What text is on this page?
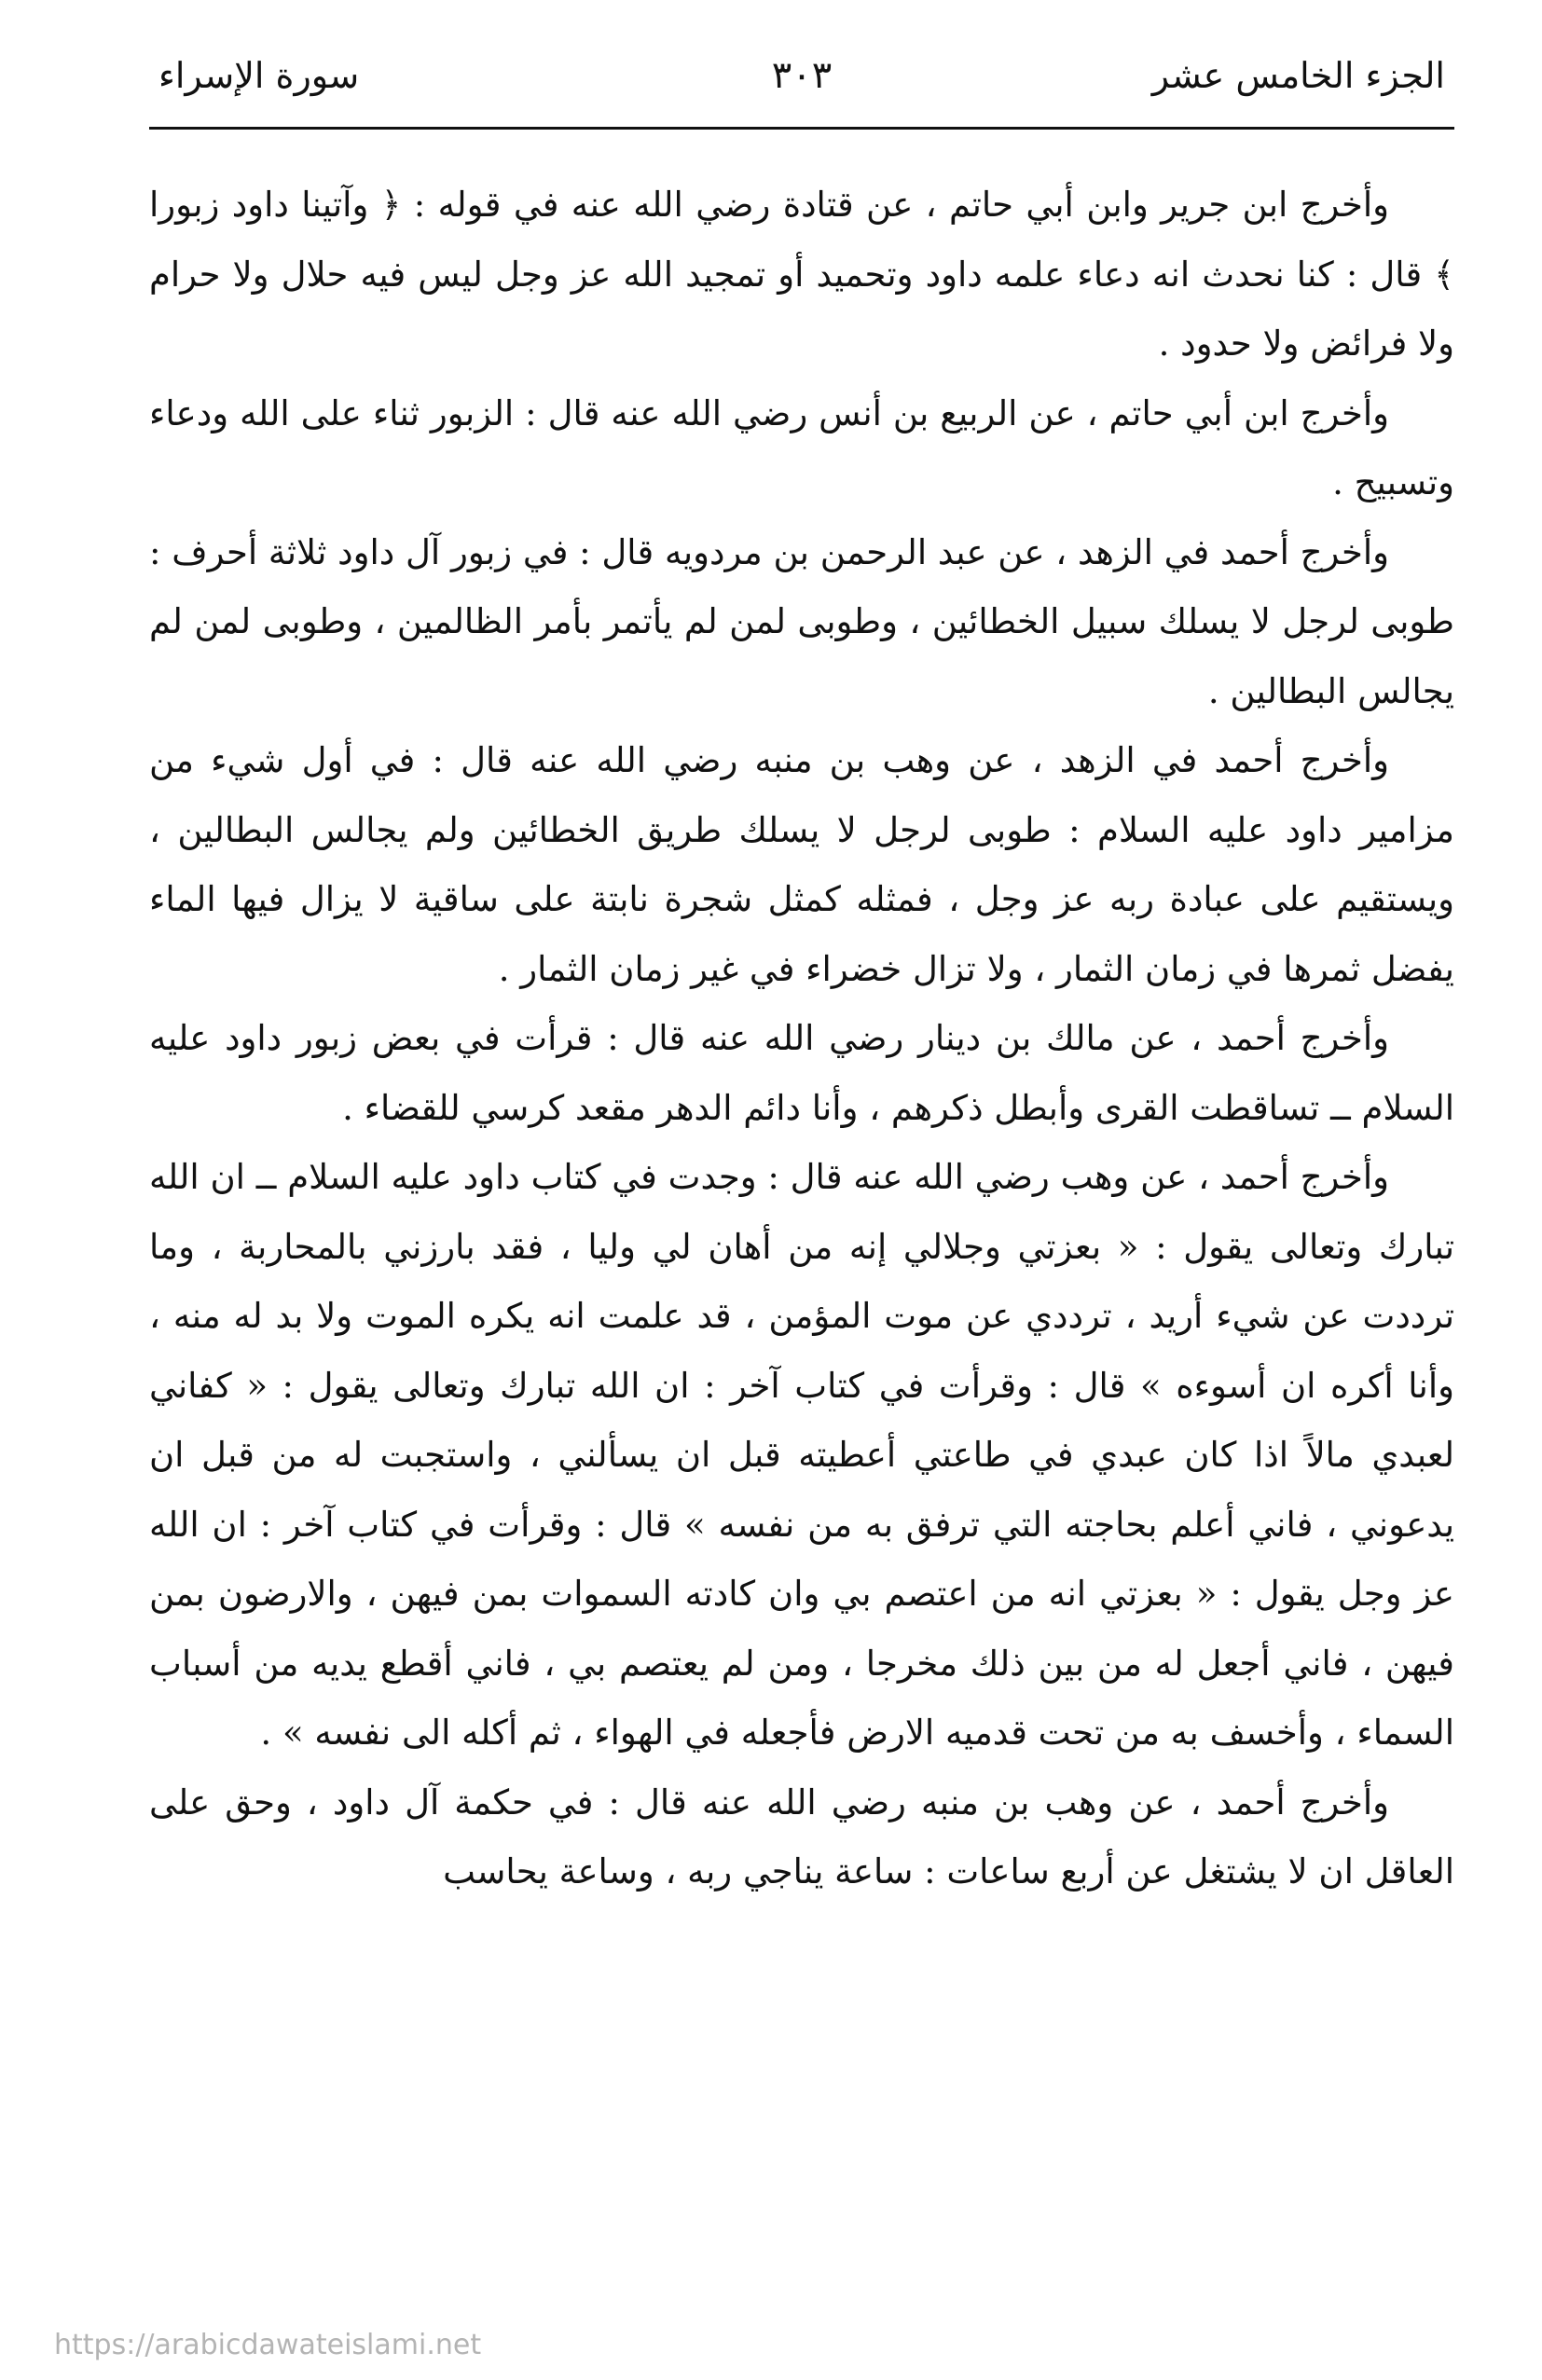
الجزء الخامس عشر
٣٠٣
سورة الإسراء

وأخرج ابن جرير وابن أبي حاتم ، عن قتادة رضي الله عنه في قوله : ﴿ وآتينا داود زبورا ﴾ قال : كنا نحدث انه دعاء علمه داود وتحميد أو تمجيد الله عز وجل ليس فيه حلال ولا حرام ولا فرائض ولا حدود .

وأخرج ابن أبي حاتم ، عن الربيع بن أنس رضي الله عنه قال : الزبور ثناء على الله ودعاء وتسبيح .

وأخرج أحمد في الزهد ، عن عبد الرحمن بن مردويه قال : في زبور آل داود ثلاثة أحرف : طوبى لرجل لا يسلك سبيل الخطائين ، وطوبى لمن لم يأتمر بأمر الظالمين ، وطوبى لمن لم يجالس البطالين .

وأخرج أحمد في الزهد ، عن وهب بن منبه رضي الله عنه قال : في أول شيء من مزامير داود عليه السلام : طوبى لرجل لا يسلك طريق الخطائين ولم يجالس البطالين ، ويستقيم على عبادة ربه عز وجل ، فمثله كمثل شجرة نابتة على ساقية لا يزال فيها الماء يفضل ثمرها في زمان الثمار ، ولا تزال خضراء في غير زمان الثمار .

وأخرج أحمد ، عن مالك بن دينار رضي الله عنه قال : قرأت في بعض زبور داود عليه السلام ــ تساقطت القرى وأبطل ذكرهم ، وأنا دائم الدهر مقعد كرسي للقضاء .

وأخرج أحمد ، عن وهب رضي الله عنه قال : وجدت في كتاب داود عليه السلام ــ ان الله تبارك وتعالى يقول : « بعزتي وجلالي إنه من أهان لي وليا ، فقد بارزني بالمحاربة ، وما ترددت عن شيء أريد ، ترددي عن موت المؤمن ، قد علمت انه يكره الموت ولا بد له منه ، وأنا أكره ان أسوءه » قال : وقرأت في كتاب آخر : ان الله تبارك وتعالى يقول : « كفاني لعبدي مالاً اذا كان عبدي في طاعتي أعطيته قبل ان يسألني ، واستجبت له من قبل ان يدعوني ، فاني أعلم بحاجته التي ترفق به من نفسه » قال : وقرأت في كتاب آخر : ان الله عز وجل يقول : « بعزتي انه من اعتصم بي وان كادته السموات بمن فيهن ، والارضون بمن فيهن ، فاني أجعل له من بين ذلك مخرجا ، ومن لم يعتصم بي ، فاني أقطع يديه من أسباب السماء ، وأخسف به من تحت قدميه الارض فأجعله في الهواء ، ثم أكله الى نفسه » .

وأخرج أحمد ، عن وهب بن منبه رضي الله عنه قال : في حكمة آل داود ، وحق على العاقل ان لا يشتغل عن أربع ساعات : ساعة يناجي ربه ، وساعة يحاسب

https://arabicdawateislami.net
